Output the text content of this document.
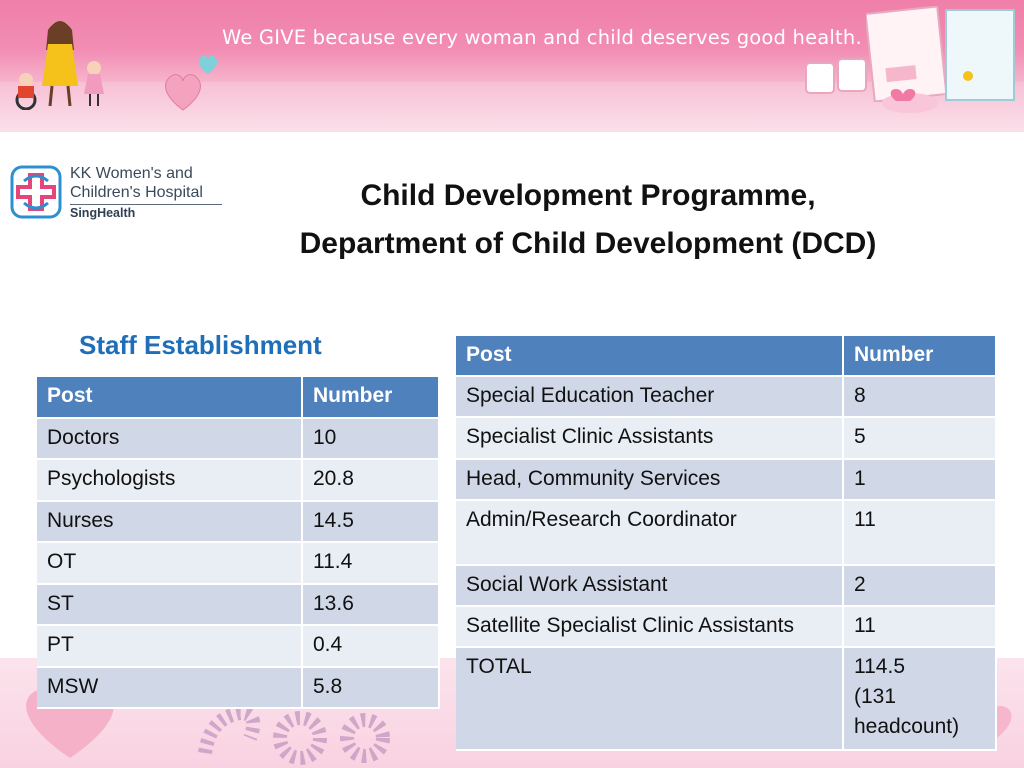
We GIVE because every woman and child deserves good health.
KK Women's and
Children's Hospital
SingHealth
Child Development Programme,
Department of Child Development (DCD)
Staff Establishment
Post	Number
Doctors	10
Psychologists	20.8
Nurses	14.5
OT	11.4
ST	13.6
PT	0.4
MSW	5.8
Post	Number
Special Education Teacher	8
Specialist Clinic Assistants	5
Head, Community Services	1
Admin/Research Coordinator	11
Social Work Assistant	2
Satellite Specialist Clinic Assistants	11
TOTAL	114.5
(131
headcount)
